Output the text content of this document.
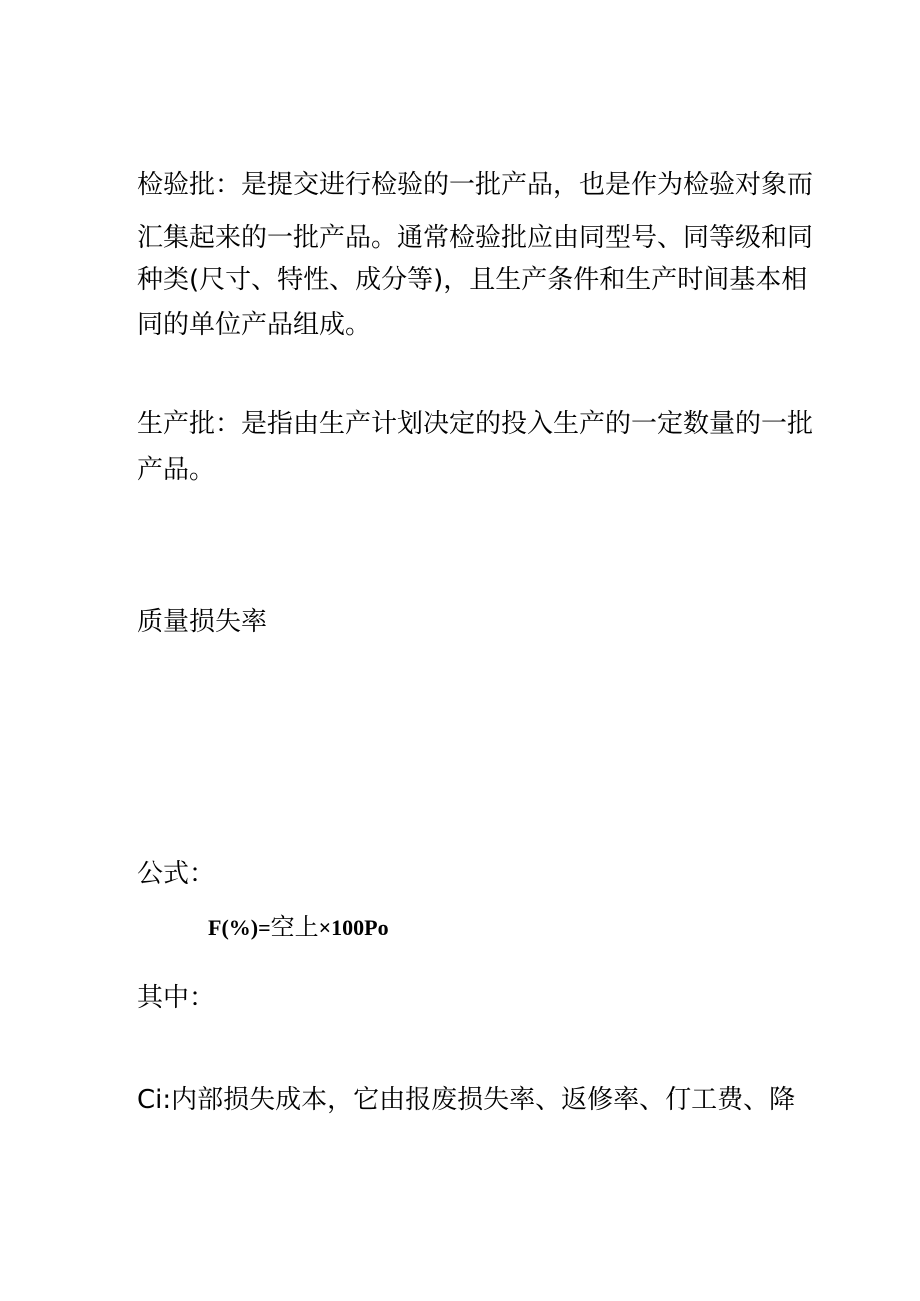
检验批：是提交进行检验的一批产品，也是作为检验对象而
汇集起来的一批产品。通常检验批应由同型号、同等级和同
种类(尺寸、特性、成分等)，且生产条件和生产时间基本相
同的单位产品组成。
生产批：是指由生产计划决定的投入生产的一定数量的一批
产品。
质量损失率
公式：
F(%)=空上×100Po
其中：
Ci:内部损失成本，它由报废损失率、返修率、仃工费、降
